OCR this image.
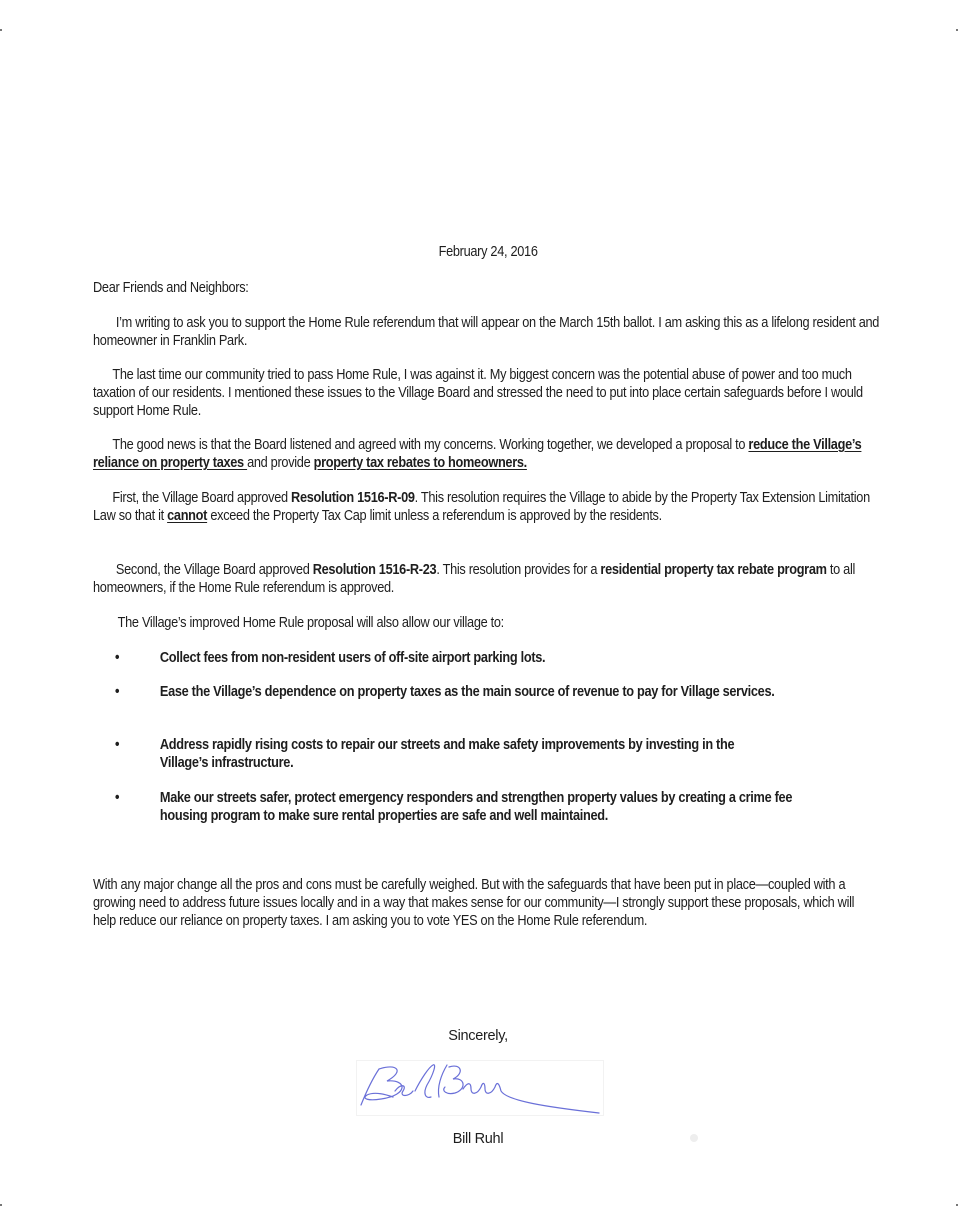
February 24, 2016

Dear Friends and Neighbors:

I’m writing to ask you to support the Home Rule referendum that will appear on the March 15th ballot. I am asking this as a lifelong resident and homeowner in Franklin Park.

The last time our community tried to pass Home Rule, I was against it. My biggest concern was the potential abuse of power and too much taxation of our residents. I mentioned these issues to the Village Board and stressed the need to put into place certain safeguards before I would support Home Rule.

The good news is that the Board listened and agreed with my concerns. Working together, we developed a proposal to reduce the Village’s reliance on property taxes and provide property tax rebates to homeowners.

First, the Village Board approved Resolution 1516-R-09. This resolution requires the Village to abide by the Property Tax Extension Limitation Law so that it cannot exceed the Property Tax Cap limit unless a referendum is approved by the residents.

Second, the Village Board approved Resolution 1516-R-23. This resolution provides for a residential property tax rebate program to all homeowners, if the Home Rule referendum is approved.

The Village’s improved Home Rule proposal will also allow our village to:

•	Collect fees from non-resident users of off-site airport parking lots.
•	Ease the Village’s dependence on property taxes as the main source of revenue to pay for Village services.
•	Address rapidly rising costs to repair our streets and make safety improvements by investing in the Village’s infrastructure.
•	Make our streets safer, protect emergency responders and strengthen property values by creating a crime fee housing program to make sure rental properties are safe and well maintained.

With any major change all the pros and cons must be carefully weighed. But with the safeguards that have been put in place—coupled with a growing need to address future issues locally and in a way that makes sense for our community—I strongly support these proposals, which will help reduce our reliance on property taxes. I am asking you to vote YES on the Home Rule referendum.

Sincerely,
Bill Ruhl
